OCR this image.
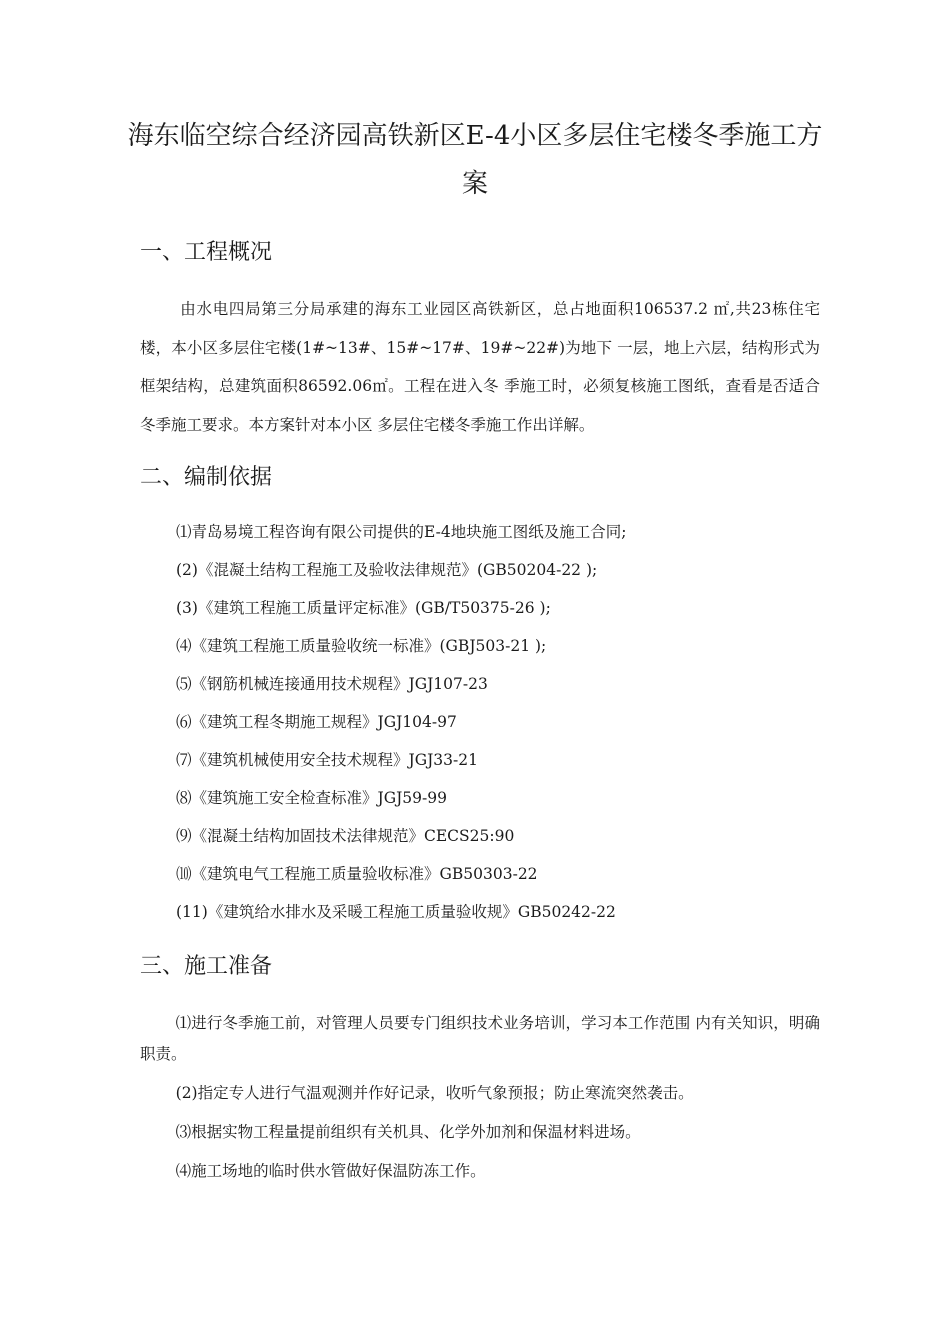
海东临空综合经济园高铁新区E-4小区多层住宅楼冬季施工方案
一、工程概况

由水电四局第三分局承建的海东工业园区高铁新区，总占地面积106537.2 ㎡,共23栋住宅楼，本小区多层住宅楼(1#~13#、15#~17#、19#~22#)为地下 一层，地上六层，结构形式为框架结构，总建筑面积86592.06㎡。工程在进入冬 季施工时，必须复核施工图纸，查看是否适合冬季施工要求。本方案针对本小区 多层住宅楼冬季施工作出详解。

二、编制依据
⑴青岛易境工程咨询有限公司提供的E-4地块施工图纸及施工合同;
(2)《混凝土结构工程施工及验收法律规范》(GB50204-22 );
(3)《建筑工程施工质量评定标准》(GB/T50375-26 );
⑷《建筑工程施工质量验收统一标准》(GBJ503-21 );
⑸《钢筋机械连接通用技术规程》JGJ107-23
⑹《建筑工程冬期施工规程》JGJ104-97
⑺《建筑机械使用安全技术规程》JGJ33-21
⑻《建筑施工安全检查标准》JGJ59-99
⑼《混凝土结构加固技术法律规范》CECS25:90
⑽《建筑电气工程施工质量验收标准》GB50303-22
(11)《建筑给水排水及采暖工程施工质量验收规》GB50242-22
三、施工准备
⑴进行冬季施工前，对管理人员要专门组织技术业务培训，学习本工作范围 内有关知识，明确职责。
(2)指定专人进行气温观测并作好记录，收听气象预报；防止寒流突然袭击。
⑶根据实物工程量提前组织有关机具、化学外加剂和保温材料进场。
⑷施工场地的临时供水管做好保温防冻工作。
